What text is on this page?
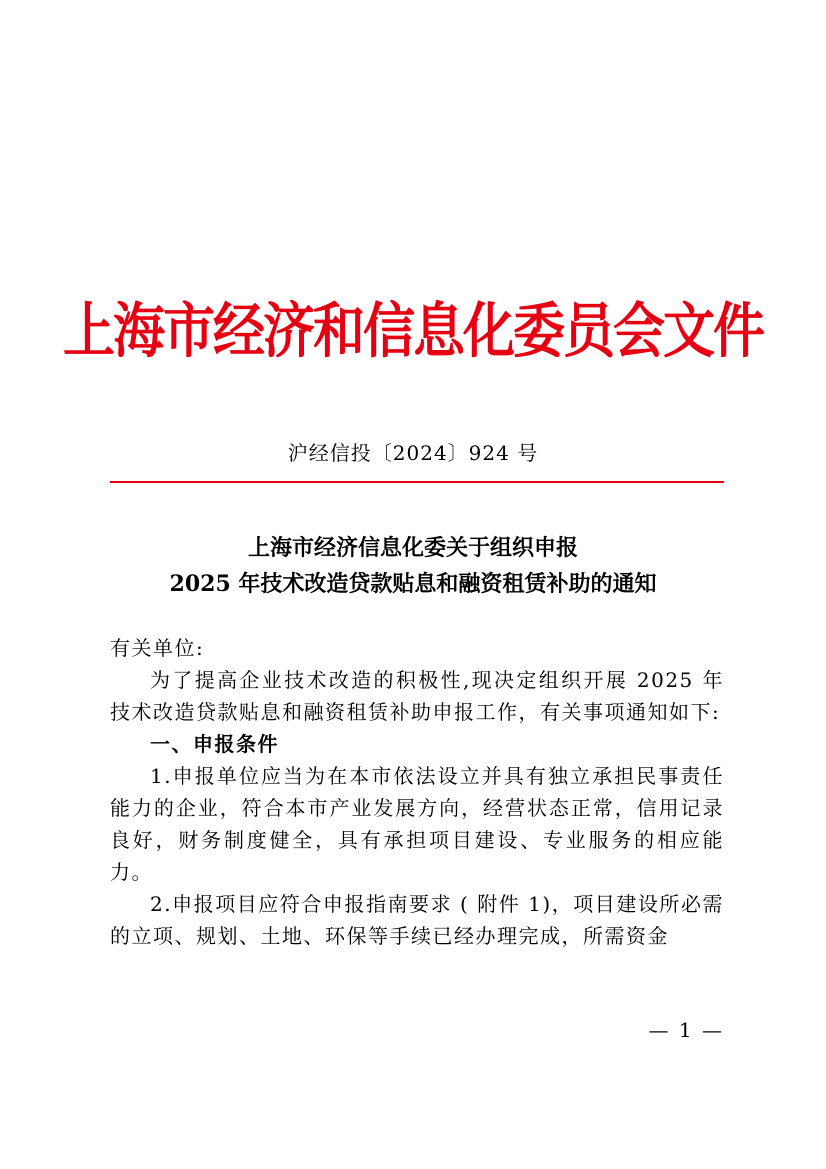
上海市经济和信息化委员会文件
沪经信投〔2024〕924 号
上海市经济信息化委关于组织申报
2025 年技术改造贷款贴息和融资租赁补助的通知

有关单位:

为了提高企业技术改造的积极性,现决定组织开展 2025 年技术改造贷款贴息和融资租赁补助申报工作，有关事项通知如下:

一、申报条件

1.申报单位应当为在本市依法设立并具有独立承担民事责任能力的企业，符合本市产业发展方向，经营状态正常，信用记录良好，财务制度健全，具有承担项目建设、专业服务的相应能力。

2.申报项目应符合申报指南要求 ( 附件 1)，项目建设所必需的立项、规划、土地、环保等手续已经办理完成，所需资金

— 1 —
